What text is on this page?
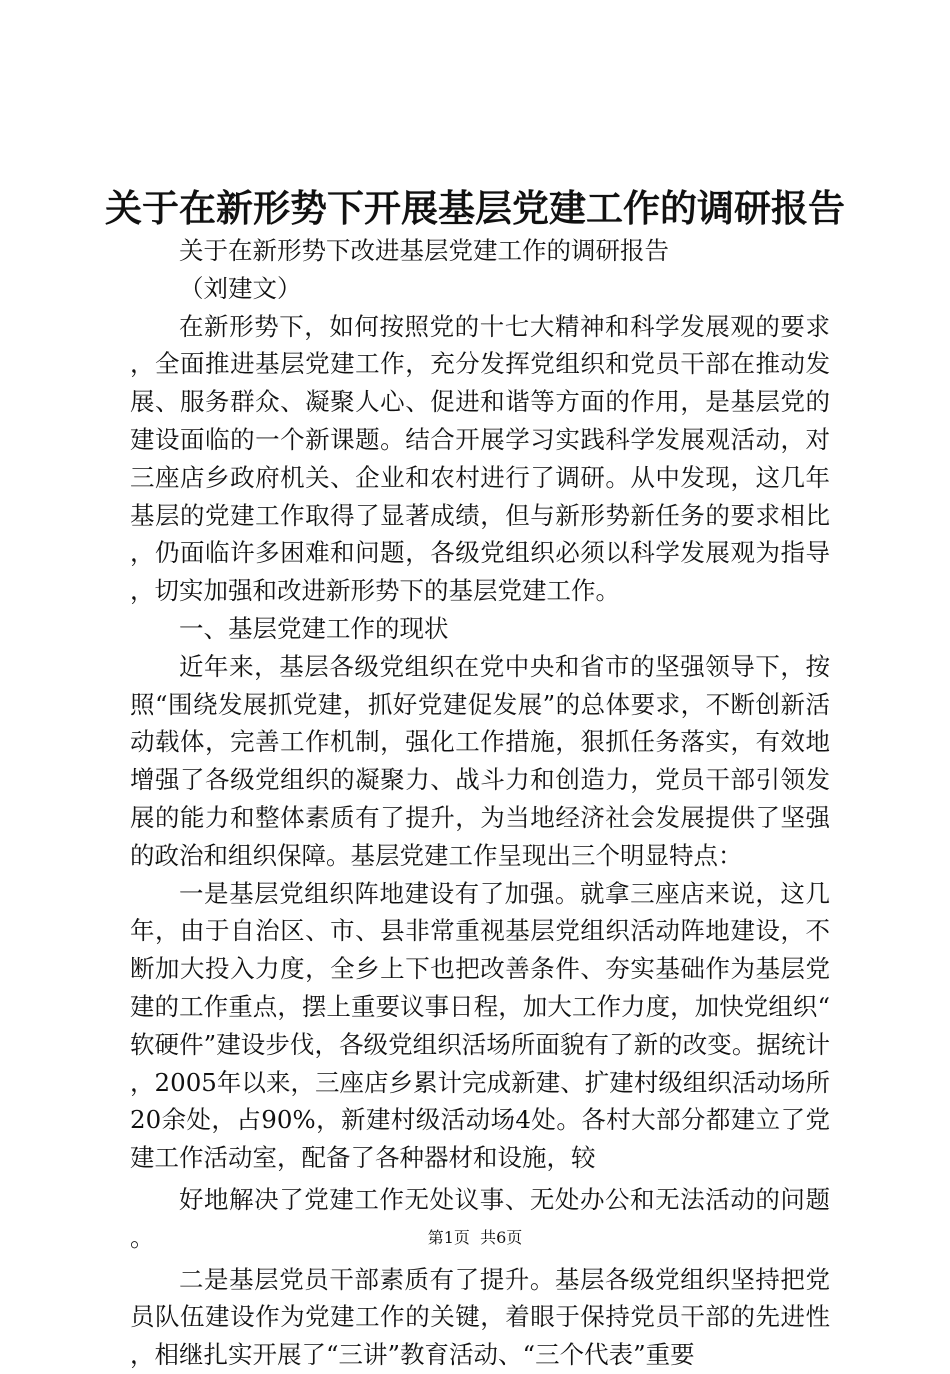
关于在新形势下开展基层党建工作的调研报告

关于在新形势下改进基层党建工作的调研报告

（刘建文）

在新形势下，如何按照党的十七大精神和科学发展观的要求，全面推进基层党建工作，充分发挥党组织和党员干部在推动发展、服务群众、凝聚人心、促进和谐等方面的作用，是基层党的建设面临的一个新课题。结合开展学习实践科学发展观活动，对三座店乡政府机关、企业和农村进行了调研。从中发现，这几年基层的党建工作取得了显著成绩，但与新形势新任务的要求相比，仍面临许多困难和问题，各级党组织必须以科学发展观为指导，切实加强和改进新形势下的基层党建工作。

一、基层党建工作的现状

近年来，基层各级党组织在党中央和省市的坚强领导下，按照“围绕发展抓党建，抓好党建促发展”的总体要求，不断创新活动载体，完善工作机制，强化工作措施，狠抓任务落实，有效地增强了各级党组织的凝聚力、战斗力和创造力，党员干部引领发展的能力和整体素质有了提升，为当地经济社会发展提供了坚强的政治和组织保障。基层党建工作呈现出三个明显特点：

一是基层党组织阵地建设有了加强。就拿三座店来说，这几年，由于自治区、市、县非常重视基层党组织活动阵地建设，不断加大投入力度，全乡上下也把改善条件、夯实基础作为基层党建的工作重点，摆上重要议事日程，加大工作力度，加快党组织“软硬件”建设步伐，各级党组织活场所面貌有了新的改变。据统计，2005年以来，三座店乡累计完成新建、扩建村级组织活动场所20余处，占90%，新建村级活动场4处。各村大部分都建立了党建工作活动室，配备了各种器材和设施，较

好地解决了党建工作无处议事、无处办公和无法活动的问题。

二是基层党员干部素质有了提升。基层各级党组织坚持把党员队伍建设作为党建工作的关键，着眼于保持党员干部的先进性，相继扎实开展了“三讲”教育活动、“三个代表”重要

第1页  共6页
